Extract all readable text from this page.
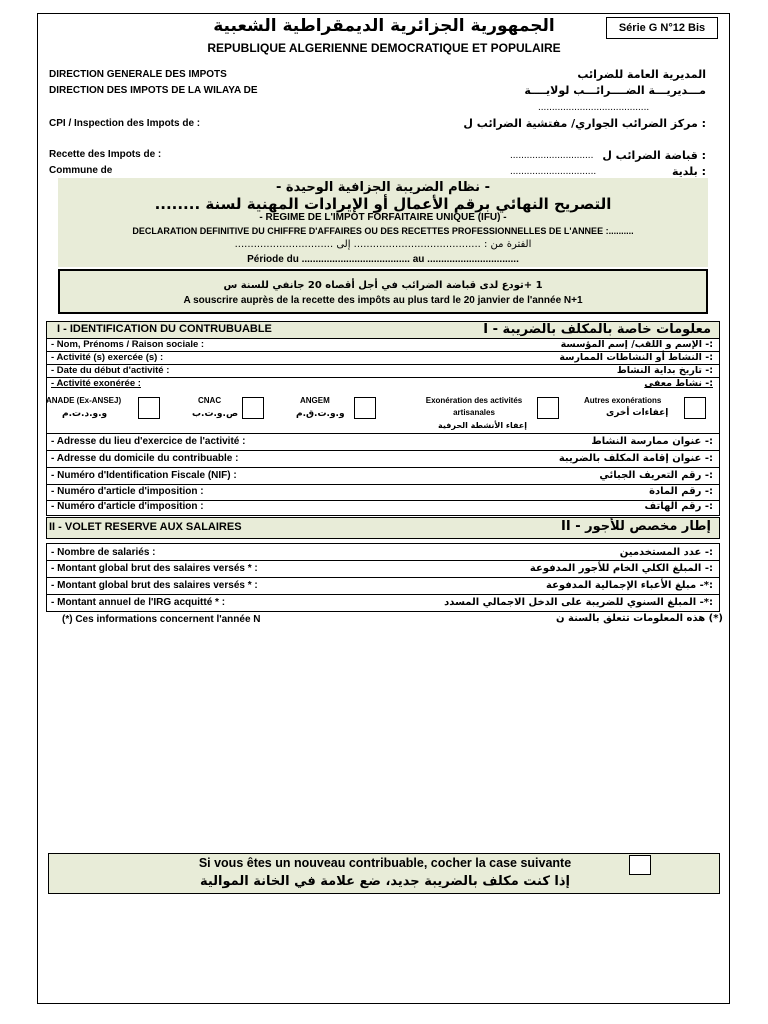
الجمهورية الجزائرية الديمقراطية الشعبية
REPUBLIQUE ALGERIENNE DEMOCRATIQUE ET POPULAIRE
Série G N°12 Bis
DIRECTION GENERALE DES IMPOTS
DIRECTION DES IMPOTS DE LA WILAYA DE
المديرية العامة للضرائب
مـــديريـــة الضــــرائـــب لولايــــة
........................................
CPI / Inspection des Impots de :	: مركز الضرائب الجواري/ مفتشية الضرائب ل
Recette des Impots de :	.............................. : قباضة الضرائب ل
Commune de	...............................	: بلدية
- نظام الضريبة الجزافية الوحيدة -
التصريح النهائي برقم الأعمال أو الإيرادات المهنية لسنة ........
- REGIME DE L'IMPOT FORFAITAIRE UNIQUE (IFU) -
DECLARATION DEFINITIVE DU CHIFFRE D'AFFAIRES OU DES RECETTES PROFESSIONNELLES DE L'ANNEE :..........
الفترة من : ........................................ إلى ...............................
Période du ....................................... au .................................
1 +تودع لدى قباضة الضرائب في أجل أقصاه 20 جانفي للسنة س
A souscrire auprès de la recette des impôts au plus tard le 20 janvier de l'année N+1
I - IDENTIFICATION DU CONTRUBUABLE	معلومات خاصة بالمكلف بالضريبة - I
- Nom, Prénoms / Raison sociale :	:- الإسم و اللقب/ إسم المؤسسة
- Activité (s) exercée (s) :	:- النشاط أو النشاطات الممارسة
- Date du début d'activité :	:- تاريخ بداية النشاط
- Activité exonérée :	:- نشاط معفى
ANADE (Ex-ANSEJ)
و.و.د.ت.م
CNAC
ص.و.ت.ب
ANGEM
و.و.ت.ق.م
Exonération des activités artisanales
إعفاء الأنشطة الحرفية
Autres exonérations
إعفاءات أخرى
- Adresse du lieu d'exercice de l'activité :	:- عنوان ممارسة النشاط
- Adresse du domicile du contribuable :	:- عنوان إقامة المكلف بالضريبة
- Numéro d'Identification Fiscale (NIF) :	:- رقم التعريف الجبائي
- Numéro d'article d'imposition :	:- رقم المادة
- Numéro d'article d'imposition :	:- رقم الهاتف
II - VOLET RESERVE AUX SALAIRES	إطار مخصص للأجور - II
- Nombre de salariés :	:- عدد المستخدمين
- Montant global brut des salaires versés * :	:- المبلغ الكلي الخام للأجور المدفوعة
- Montant global brut des salaires versés * :	:*- مبلغ الأعباء الإجمالية المدفوعة
- Montant annuel de l'IRG acquitté * :	:*- المبلغ السنوي للضريبة على الدخل الاجمالي المسدد
(*) Ces informations concernent l'année N	(*) هذه المعلومات تتعلق بالسنة ن
Si vous êtes un nouveau contribuable, cocher la case suivante
إذا كنت مكلف بالضريبة جديد، ضع علامة في الخانة الموالية
